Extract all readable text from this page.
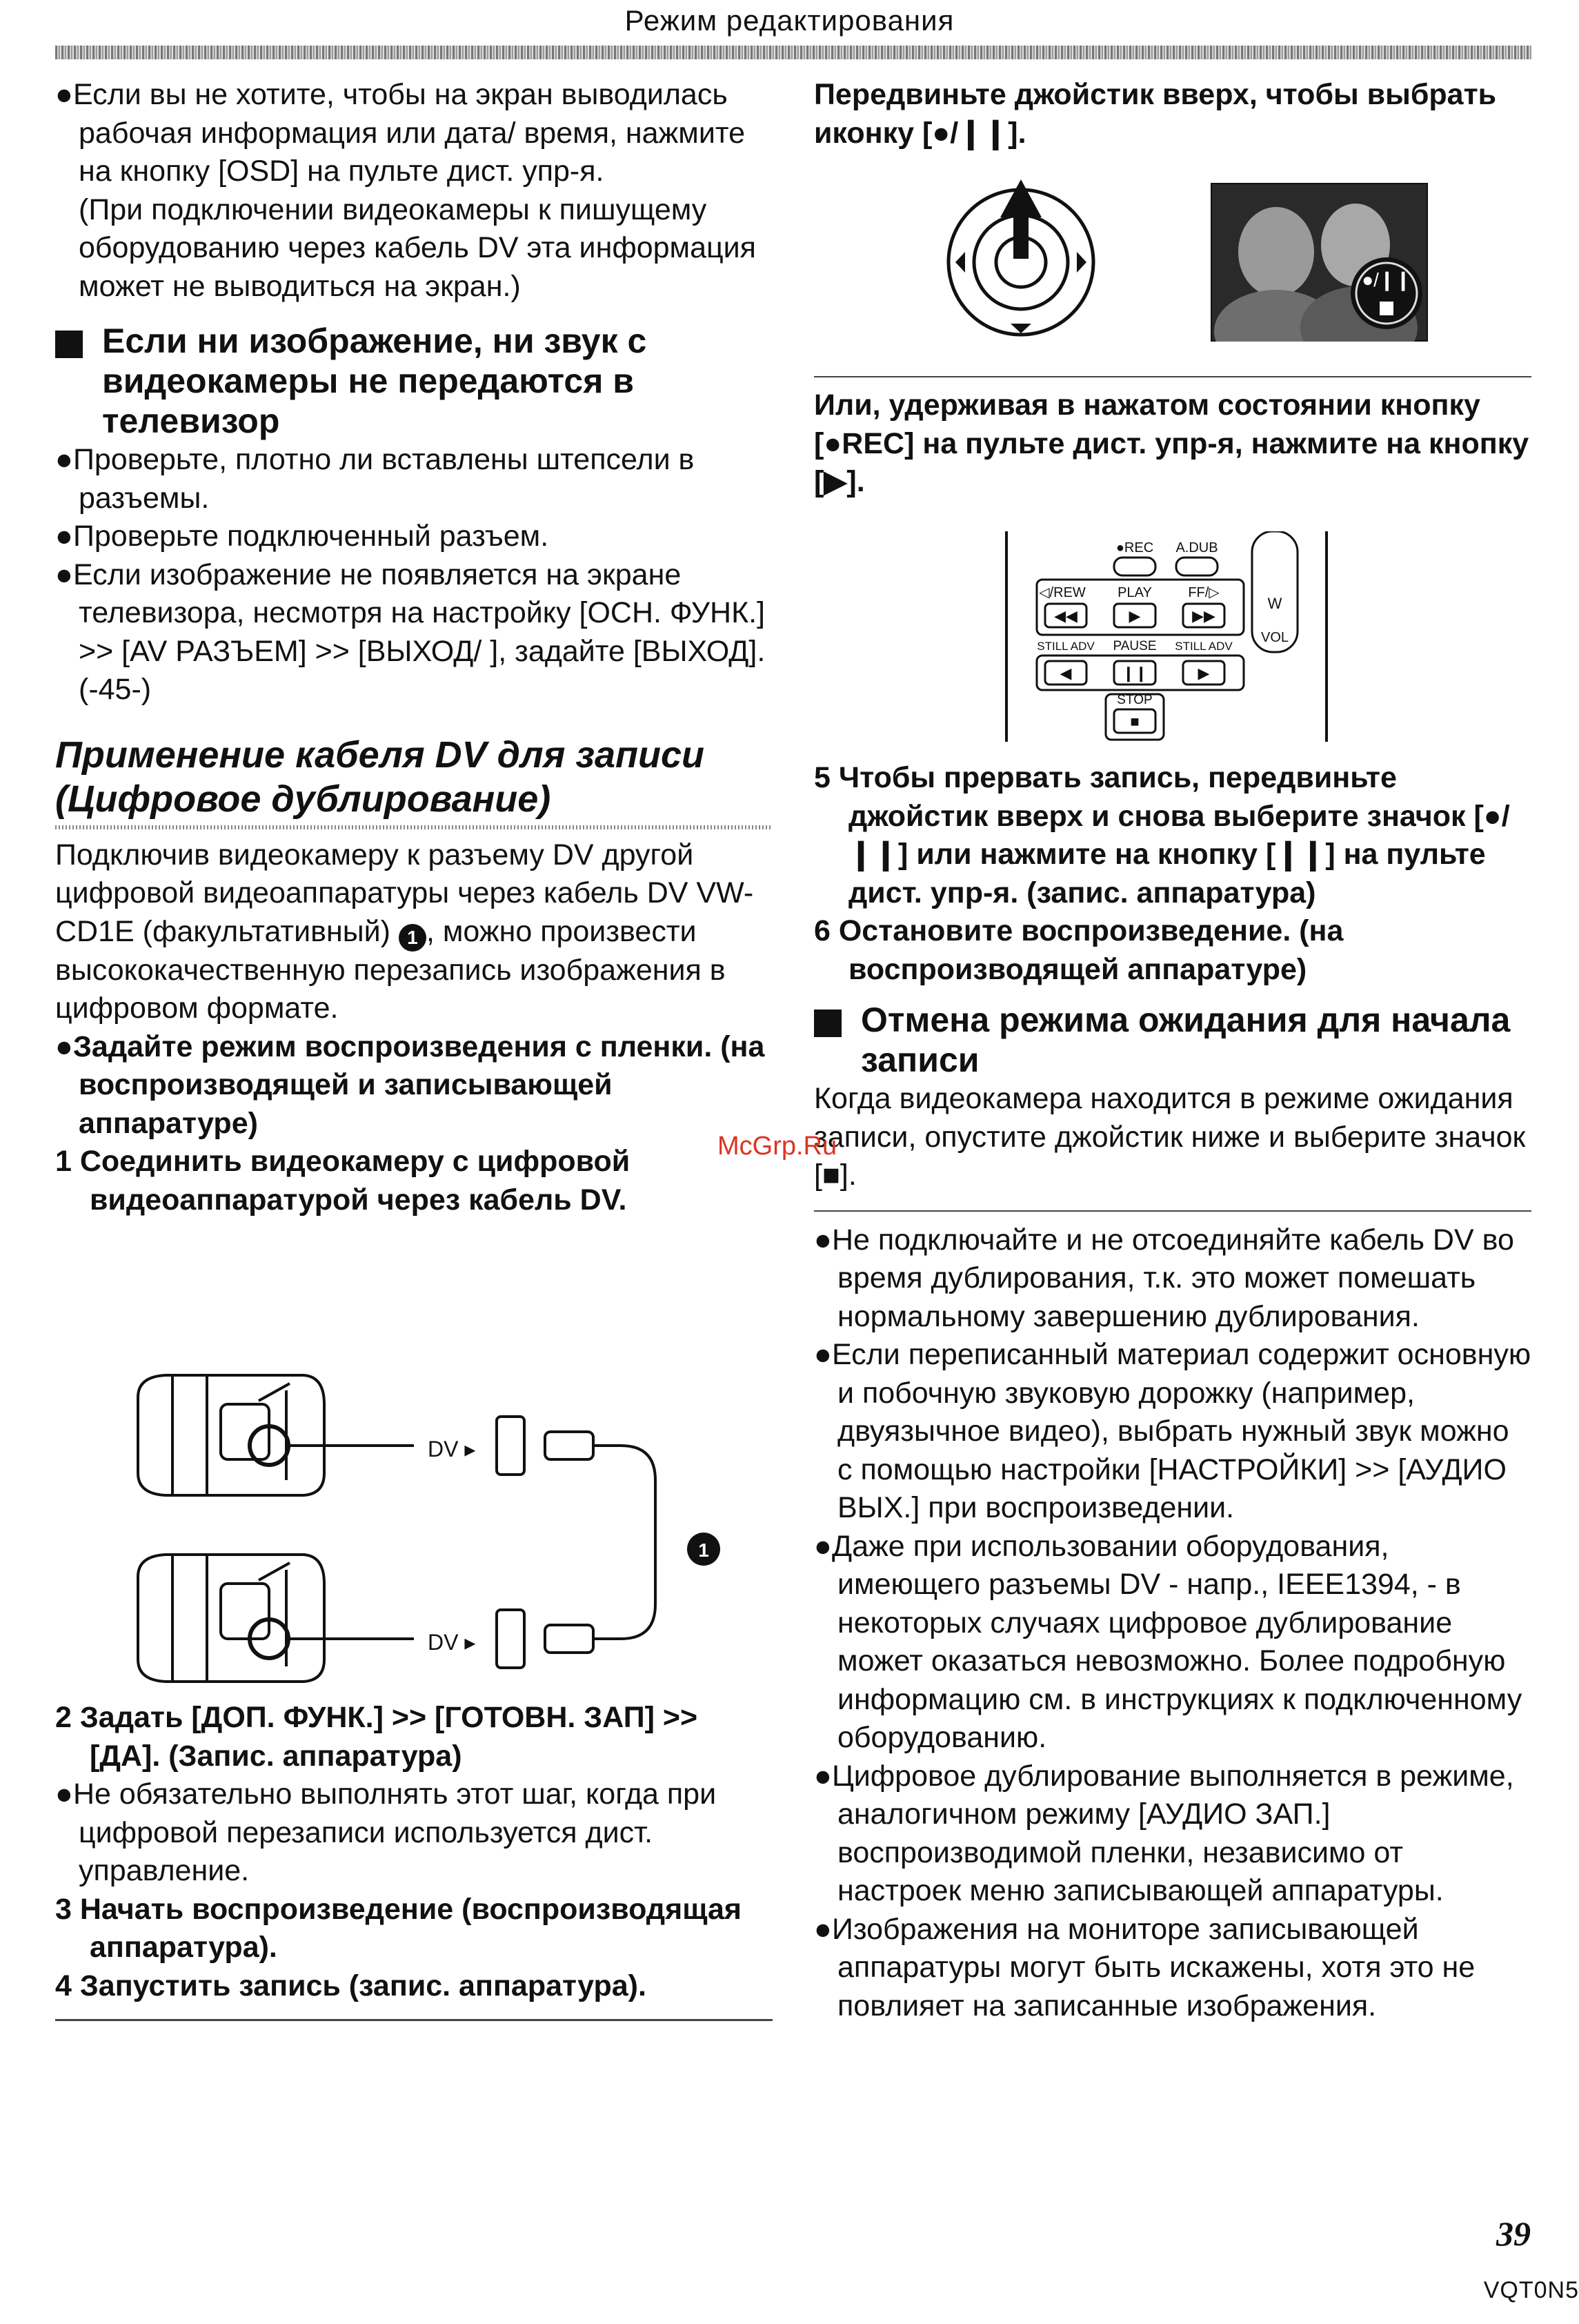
Режим редактирования

●Если вы не хотите, чтобы на экран выводилась рабочая информация или дата/ время, нажмите на кнопку [OSD] на пульте дист. упр-я.

(При подключении видеокамеры к пишущему оборудованию через кабель DV эта информация может не выводиться на экран.)

Если ни изображение, ни звук с видеокамеры не передаются в телевизор

●Проверьте, плотно ли вставлены штепсели в разъемы.

●Проверьте подключенный разъем.

●Если изображение не появляется на экране телевизора, несмотря на настройку [ОСН. ФУНК.] >> [AV РАЗЪЕМ] >> [ВЫХОД/ ], задайте [ВЫХОД]. (-45-)

Применение кабеля DV для записи
(Цифровое дублирование)

Подключив видеокамеру к разъему DV другой цифровой видеоаппаратуры через кабель DV VW-CD1E (факультативный) 1 , можно произвести высококачественную перезапись изображения в цифровом формате.

●Задайте режим воспроизведения с пленки. (на воспроизводящей и записывающей аппаратуре)

1 Соединить видеокамеру с цифровой видеоаппаратурой через кабель DV.

DV ▸
DV ▸
1

2 Задать [ДОП. ФУНК.] >> [ГОТОВН. ЗАП] >> [ДА]. (Запис. аппаратура)

●Не обязательно выполнять этот шаг, когда при цифровой перезаписи используется дист. управление.

3 Начать воспроизведение (воспроизводящая аппаратура).

4 Запустить запись (запис. аппаратура).

Передвиньте джойстик вверх, чтобы выбрать иконку [●/❙❙].

●/❙❙

Или, удерживая в нажатом состоянии кнопку [●REC] на пульте дист. упр-я, нажмите на кнопку [▶].

●REC A.DUB
◁/REW PLAY	FF/▷
◀◀	▶	▶▶
STILL ADV PAUSE STILL ADV
◀	❙❙	▶
STOP
■
W
VOL

5 Чтобы прервать запись, передвиньте джойстик вверх и снова выберите значок [●/❙❙] или нажмите на кнопку [❙❙] на пульте дист. упр-я. (запис. аппаратура)

6 Остановите воспроизведение. (на воспроизводящей аппаратуре)

Отмена режима ожидания для начала записи

Когда видеокамера находится в режиме ожидания записи, опустите джойстик ниже и выберите значок [■].

●Не подключайте и не отсоединяйте кабель DV во время дублирования, т.к. это может помешать нормальному завершению дублирования.

●Если переписанный материал содержит основную и побочную звуковую дорожку (например, двуязычное видео), выбрать нужный звук можно с помощью настройки [НАСТРОЙКИ] >> [АУДИО ВЫХ.] при воспроизведении.

●Даже при использовании оборудования, имеющего разъемы DV - напр., IEEE1394, - в некоторых случаях цифровое дублирование может оказаться невозможно. Более подробную информацию см. в инструкциях к подключенному оборудованию.

●Цифровое дублирование выполняется в режиме, аналогичном режиму [АУДИО ЗАП.] воспроизводимой пленки, независимо от настроек меню записывающей аппаратуры.

●Изображения на мониторе записывающей аппаратуры могут быть искажены, хотя это не повлияет на записанные изображения.

McGrp.Ru
39
VQT0N5
